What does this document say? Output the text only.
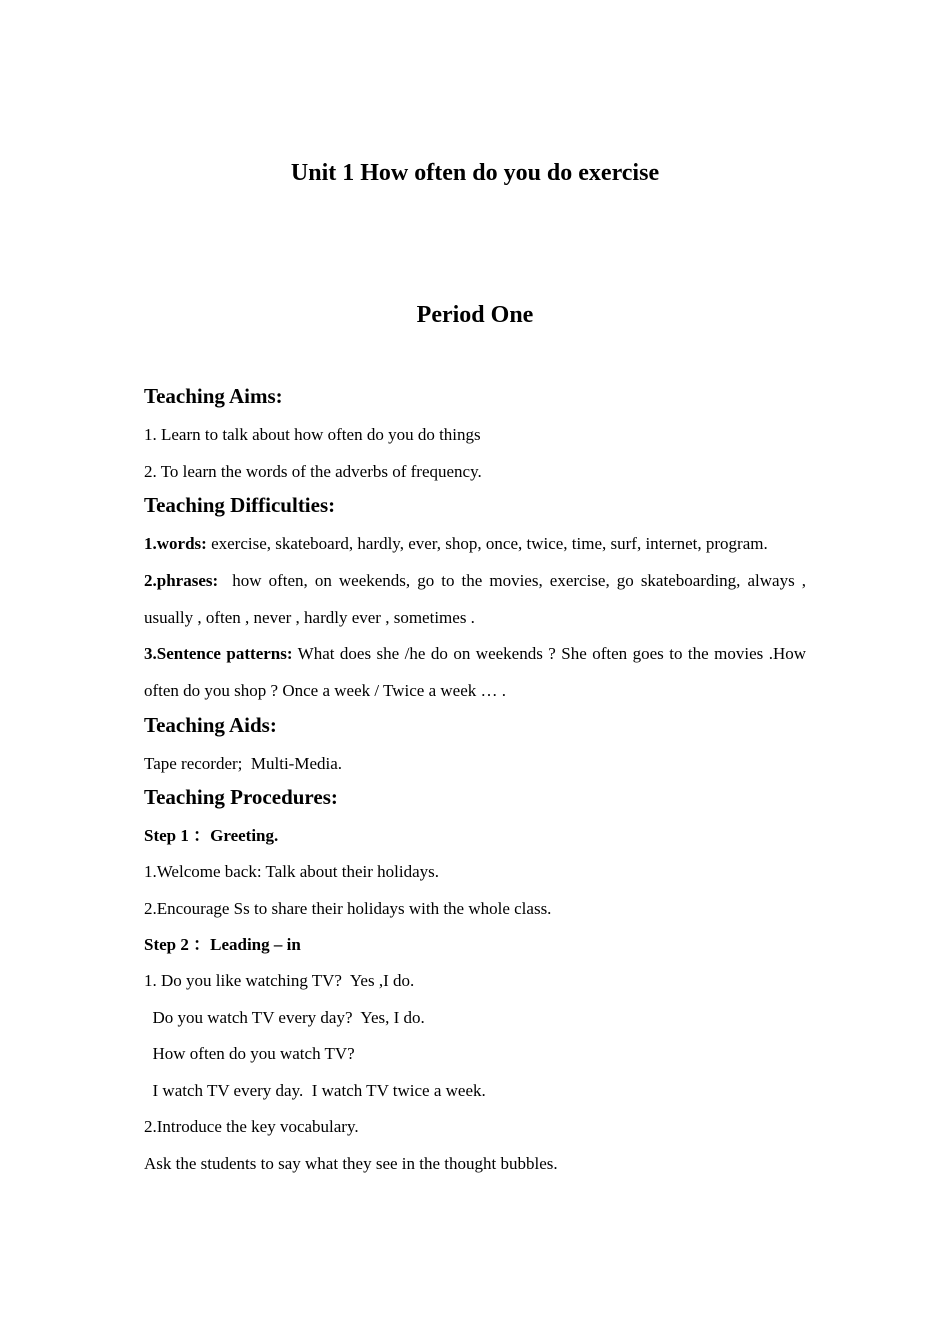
Unit 1 How often do you do exercise
Period One

Teaching Aims:

1. Learn to talk about how often do you do things

2. To learn the words of the adverbs of frequency.

Teaching Difficulties:

1.words: exercise, skateboard, hardly, ever, shop, once, twice, time, surf, internet, program.

2.phrases:  how often, on weekends, go to the movies, exercise, go skateboarding, always , usually , often , never , hardly ever , sometimes .

3.Sentence patterns: What does she /he do on weekends ? She often goes to the movies .How often do you shop ? Once a week / Twice a week … .

Teaching Aids:

Tape recorder;  Multi-Media.

Teaching Procedures:

Step 1 ：Greeting.

1.Welcome back: Talk about their holidays.

2.Encourage Ss to share their holidays with the whole class.

Step 2 ：Leading – in

1. Do you like watching TV?  Yes ,I do.

Do you watch TV every day?  Yes, I do.

How often do you watch TV?

I watch TV every day.  I watch TV twice a week.

2.Introduce the key vocabulary.

Ask the students to say what they see in the thought bubbles.
